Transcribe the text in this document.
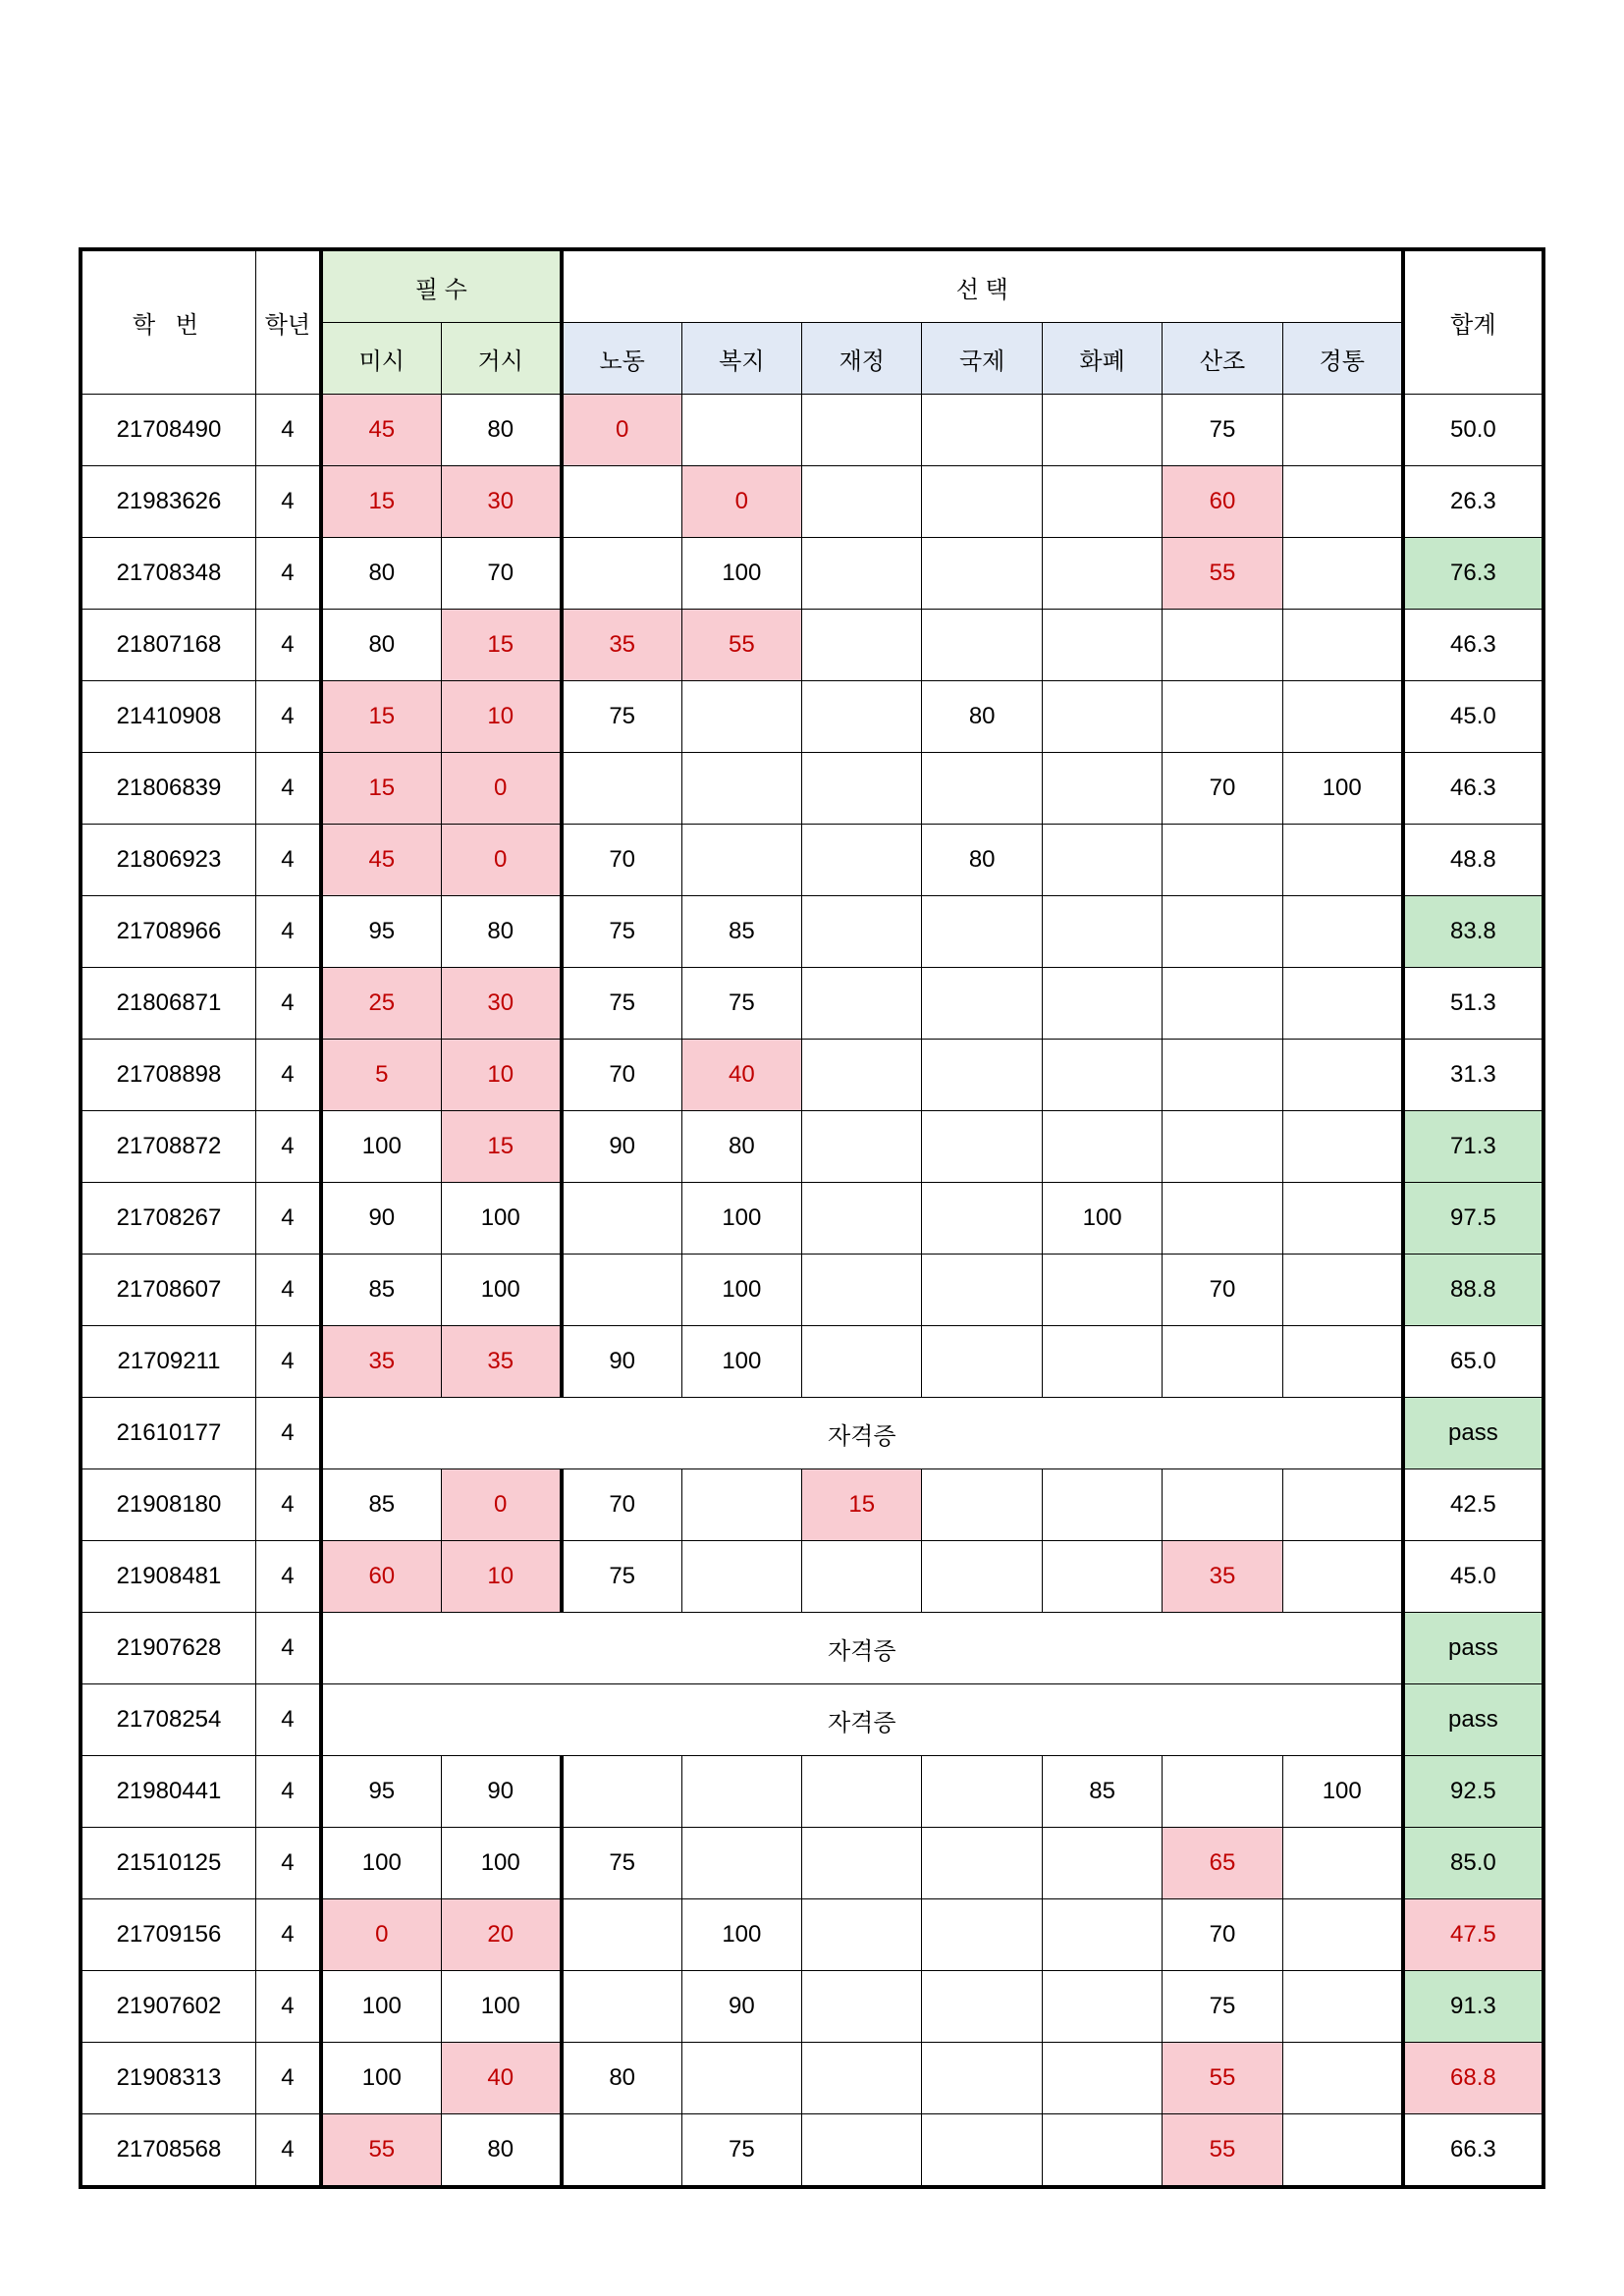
학 번	학년	필 수		선 택							합계
		미시	거시	노동	복지	재정	국제	화폐	산조	경통	
21708490	4	45	80	0					75		50.0
21983626	4	15	30		0				60		26.3
21708348	4	80	70		100				55		76.3
21807168	4	80	15	35	55						46.3
21410908	4	15	10	75			80				45.0
21806839	4	15	0						70	100	46.3
21806923	4	45	0	70			80				48.8
21708966	4	95	80	75	85						83.8
21806871	4	25	30	75	75						51.3
21708898	4	5	10	70	40						31.3
21708872	4	100	15	90	80						71.3
21708267	4	90	100		100			100			97.5
21708607	4	85	100		100				70		88.8
21709211	4	35	35	90	100						65.0
21610177	4	자격증									pass
21908180	4	85	0	70		15					42.5
21908481	4	60	10	75					35		45.0
21907628	4	자격증									pass
21708254	4	자격증									pass
21980441	4	95	90					85		100	92.5
21510125	4	100	100	75					65		85.0
21709156	4	0	20		100				70		47.5
21907602	4	100	100		90				75		91.3
21908313	4	100	40	80					55		68.8
21708568	4	55	80		75				55		66.3
